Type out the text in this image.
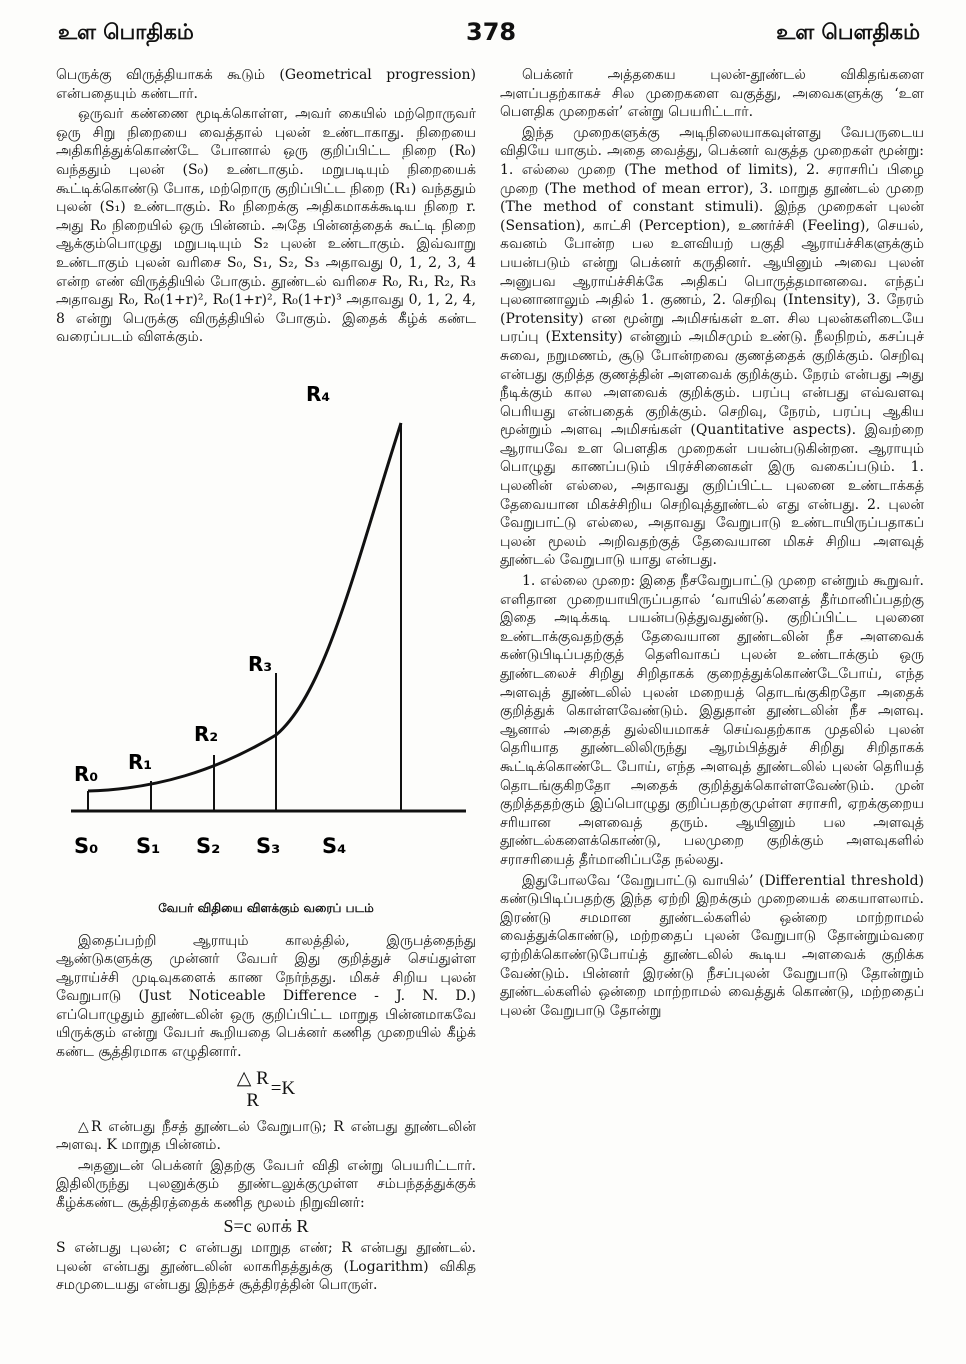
உள பொதிகம்	378	உள பௌதிகம்

பெருக்கு விருத்தியாகக் கூடும் (Geometrical progression) என்பதையும் கண்டார்.

ஒருவர் கண்ணை மூடிக்கொள்ள, அவர் கையில் மற்றொருவர் ஒரு சிறு நிறையை வைத்தால் புலன் உண்டாகாது. நிறையை அதிகரித்துக்கொண்டே போனால் ஒரு குறிப்பிட்ட நிறை (R₀) வந்ததும் புலன் (S₀) உண்டாகும். மறுபடியும் நிறையைக் கூட்டிக்கொண்டு போக, மற்றொரு குறிப்பிட்ட நிறை (R₁) வந்ததும் புலன் (S₁) உண்டாகும். R₀ நிறைக்கு அதிகமாகக்கூடிய நிறை r. அது R₀ நிறையில் ஒரு பின்னம். அதே பின்னத்தைக் கூட்டி நிறை ஆக்கும்பொழுது மறுபடியும் S₂ புலன் உண்டாகும். இவ்வாறு உண்டாகும் புலன் வரிசை S₀, S₁, S₂, S₃ அதாவது 0, 1, 2, 3, 4 என்ற எண் விருத்தியில் போகும். தூண்டல் வரிசை R₀, R₁, R₂, R₃ அதாவது R₀, R₀(1+r)², R₀(1+r)², R₀(1+r)³ அதாவது 0, 1, 2, 4, 8 என்று பெருக்கு விருத்தியில் போகும். இதைக் கீழ்க் கண்ட வரைப்படம் விளக்கும்.

R₀ R₁
R₂
R₃
R₄
S₀ S₁ S₂ S₃ S₄
வேபர் விதியை விளக்கும் வரைப் படம்

இதைப்பற்றி ஆராயும் காலத்தில், இருபத்தைந்து ஆண்டுகளுக்கு முன்னர் வேபர் இது குறித்துச் செய்துள்ள ஆராய்ச்சி முடிவுகளைக் காண நேர்ந்தது. மிகச் சிறிய புலன் வேறுபாடு (Just Noticeable Difference - J. N. D.) எப்பொழுதும் தூண்டலின் ஒரு குறிப்பிட்ட மாறுத பின்னமாகவே யிருக்கும் என்று வேபர் கூறியதை பெக்னர் கணித முறையில் கீழ்க் கண்ட சூத்திரமாக எழுதினார்.

△ R
R=K

△R என்பது நீசத் தூண்டல் வேறுபாடு; R என்பது தூண்டலின் அளவு. K மாறுத பின்னம்.

அதனுடன் பெக்னர் இதற்கு வேபர் விதி என்று பெயரிட்டார். இதிலிருந்து புலனுக்கும் தூண்டலுக்குமுள்ள சம்பந்தத்துக்குக் கீழ்க்கண்ட சூத்திரத்தைக் கணித மூலம் நிறுவினர்:

S=c லாக் R

S என்பது புலன்; c என்பது மாறுத எண்; R என்பது தூண்டல். புலன் என்பது தூண்டலின் லாகரிதத்துக்கு (Logarithm) விகித சமமுடையது என்பது இந்தச் சூத்திரத்தின் பொருள்.

பெக்னர் அத்தகைய புலன்-தூண்டல் விகிதங்களை அளப்பதற்காகச் சில முறைகளை வகுத்து, அவைகளுக்கு ‘உள பௌதிக முறைகள்’ என்று பெயரிட்டார்.

இந்த முறைகளுக்கு அடிநிலையாகவுள்ளது வேபருடைய விதியே யாகும். அதை வைத்து, பெக்னர் வகுத்த முறைகள் மூன்று: 1. எல்லை முறை (The method of limits), 2. சராசரிப் பிழை முறை (The method of mean error), 3. மாறுத தூண்டல் முறை (The method of constant stimuli). இந்த முறைகள் புலன் (Sensation), காட்சி (Perception), உணர்ச்சி (Feeling), செயல், கவனம் போன்ற பல உளவியற் பகுதி ஆராய்ச்சிகளுக்கும் பயன்படும் என்று பெக்னர் கருதினர். ஆயினும் அவை புலன் அனுபவ ஆராய்ச்சிக்கே அதிகப் பொருத்தமானவை. எந்தப் புலனானாலும் அதில் 1. குணம், 2. செறிவு (Intensity), 3. நேரம் (Protensity) என மூன்று அமிசங்கள் உள. சில புலன்களிடையே பரப்பு (Extensity) என்னும் அமிசமும் உண்டு. நீலநிறம், கசப்புச் சுவை, நறுமணம், சூடு போன்றவை குணத்தைக் குறிக்கும். செறிவு என்பது குறித்த குணத்தின் அளவைக் குறிக்கும். நேரம் என்பது அது நீடிக்கும் கால அளவைக் குறிக்கும். பரப்பு என்பது எவ்வளவு பெரியது என்பதைக் குறிக்கும். செறிவு, நேரம், பரப்பு ஆகிய மூன்றும் அளவு அமிசங்கள் (Quantitative aspects). இவற்றை ஆராயவே உள பௌதிக முறைகள் பயன்படுகின்றன. ஆராயும் பொழுது காணப்படும் பிரச்சினைகள் இரு வகைப்படும். 1. புலனின் எல்லை, அதாவது குறிப்பிட்ட புலனை உண்டாக்கத் தேவையான மிகச்சிறிய செறிவுத்தூண்டல் எது என்பது. 2. புலன் வேறுபாட்டு எல்லை, அதாவது வேறுபாடு உண்டாயிருப்பதாகப் புலன் மூலம் அறிவதற்குத் தேவையான மிகச் சிறிய அளவுத் தூண்டல் வேறுபாடு யாது என்பது.

1. எல்லை முறை: இதை நீசவேறுபாட்டு முறை என்றும் கூறுவர். எளிதான முறையாயிருப்பதால் ‘வாயில்’களைத் தீர்மானிப்பதற்கு இதை அடிக்கடி பயன்படுத்துவதுண்டு. குறிப்பிட்ட புலனை உண்டாக்குவதற்குத் தேவையான தூண்டலின் நீச அளவைக் கண்டுபிடிப்பதற்குத் தெளிவாகப் புலன் உண்டாக்கும் ஒரு தூண்டலைச் சிறிது சிறிதாகக் குறைத்துக்கொண்டேபோய், எந்த அளவுத் தூண்டலில் புலன் மறையத் தொடங்குகிறதோ அதைக் குறித்துக் கொள்ளவேண்டும். இதுதான் தூண்டலின் நீச அளவு. ஆனால் அதைத் துல்லியமாகச் செய்வதற்காக முதலில் புலன் தெரியாத தூண்டலிலிருந்து ஆரம்பித்துச் சிறிது சிறிதாகக் கூட்டிக்கொண்டே போய், எந்த அளவுத் தூண்டலில் புலன் தெரியத் தொடங்குகிறதோ அதைக் குறித்துக்கொள்ளவேண்டும். முன் குறித்ததற்கும் இப்பொழுது குறிப்பதற்குமுள்ள சராசரி, ஏறக்குறைய சரியான அளவைத் தரும். ஆயினும் பல அளவுத் தூண்டல்களைக்கொண்டு, பலமுறை குறிக்கும் அளவுகளில் சராசரியைத் தீர்மானிப்பதே நல்லது.

இதுபோலவே ‘வேறுபாட்டு வாயில்’ (Differential threshold) கண்டுபிடிப்பதற்கு இந்த ஏற்றி இறக்கும் முறையைக் கையாளலாம். இரண்டு சமமான தூண்டல்களில் ஒன்றை மாற்றாமல் வைத்துக்கொண்டு, மற்றதைப் புலன் வேறுபாடு தோன்றும்வரை ஏற்றிக்கொண்டுபோய்த் தூண்டலில் கூடிய அளவைக் குறிக்க வேண்டும். பின்னர் இரண்டு நீசப்புலன் வேறுபாடு தோன்றும் தூண்டல்களில் ஒன்றை மாற்றாமல் வைத்துக் கொண்டு, மற்றதைப் புலன் வேறுபாடு தோன்று
